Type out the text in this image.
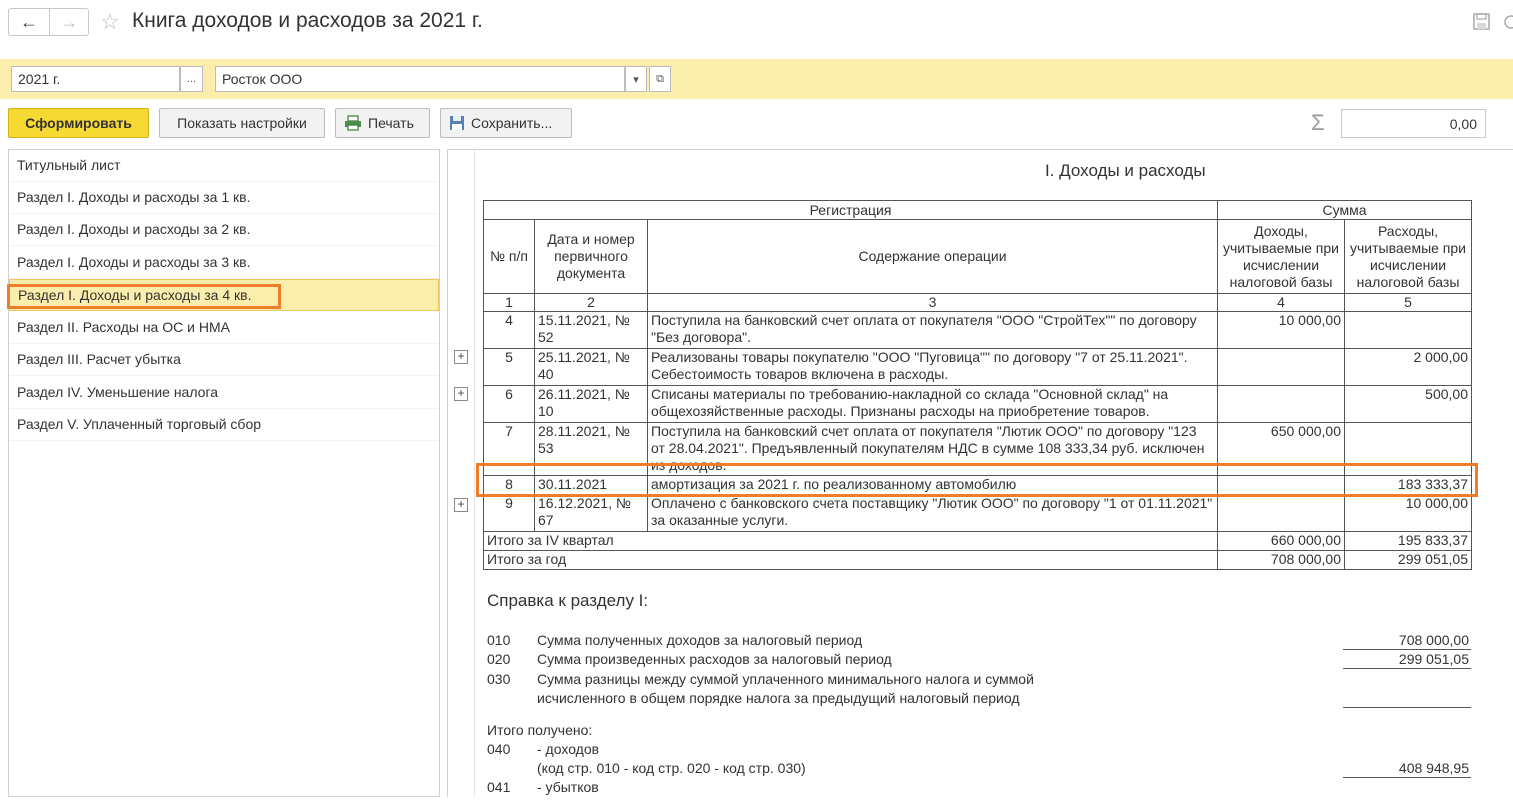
← → ☆ Книга доходов и расходов за 2021 г.
2021 г.	...	Росток ООО	▾	⧉
Сформировать	Показать настройки	Печать	Сохранить...	Σ	0,00
Титульный лист
Раздел I. Доходы и расходы за 1 кв.
Раздел I. Доходы и расходы за 2 кв.
Раздел I. Доходы и расходы за 3 кв.
Раздел I. Доходы и расходы за 4 кв.
Раздел II. Расходы на ОС и НМА
Раздел III. Расчет убытка
Раздел IV. Уменьшение налога
Раздел V. Уплаченный торговый сбор
+
+
+
I. Доходы и расходы
Регистрация			Сумма	
№ п/п	Дата и номер первичного документа	Содержание операции	Доходы, учитываемые при исчислении налоговой базы	Расходы, учитываемые при исчислении налоговой базы
1	2	3	4	5
4	15.11.2021, № 52	Поступила на банковский счет оплата от покупателя "ООО "СтройТех"" по договору "Без договора".	10 000,00	
5	25.11.2021, № 40	Реализованы товары покупателю "ООО "Пуговица"" по договору "7 от 25.11.2021". Себестоимость товаров включена в расходы.		2 000,00
6	26.11.2021, № 10	Списаны материалы по требованию-накладной со склада "Основной склад" на общехозяйственные расходы. Признаны расходы на приобретение товаров.		500,00
7	28.11.2021, № 53	Поступила на банковский счет оплата от покупателя "Лютик ООО" по договору "123 от 28.04.2021". Предъявленный покупателям НДС в сумме 108 333,34 руб. исключен из доходов.	650 000,00	
8	30.11.2021	амортизация за 2021 г. по реализованному автомобилю		183 333,37
9	16.12.2021, № 67	Оплачено с банковского счета поставщику "Лютик ООО" по договору "1 от 01.11.2021" за оказанные услуги.		10 000,00
Итого за IV квартал			660 000,00	195 833,37
Итого за год			708 000,00	299 051,05
Справка к разделу I:
010 Сумма полученных доходов за налоговый период	708 000,00
020 Сумма произведенных расходов за налоговый период	299 051,05
030 Сумма разницы между суммой уплаченного минимального налога и суммой
исчисленного в общем порядке налога за предыдущий налоговый период
Итого получено:
040 - доходов
(код стр. 010 - код стр. 020 - код стр. 030)	408 948,95
041 - убытков
